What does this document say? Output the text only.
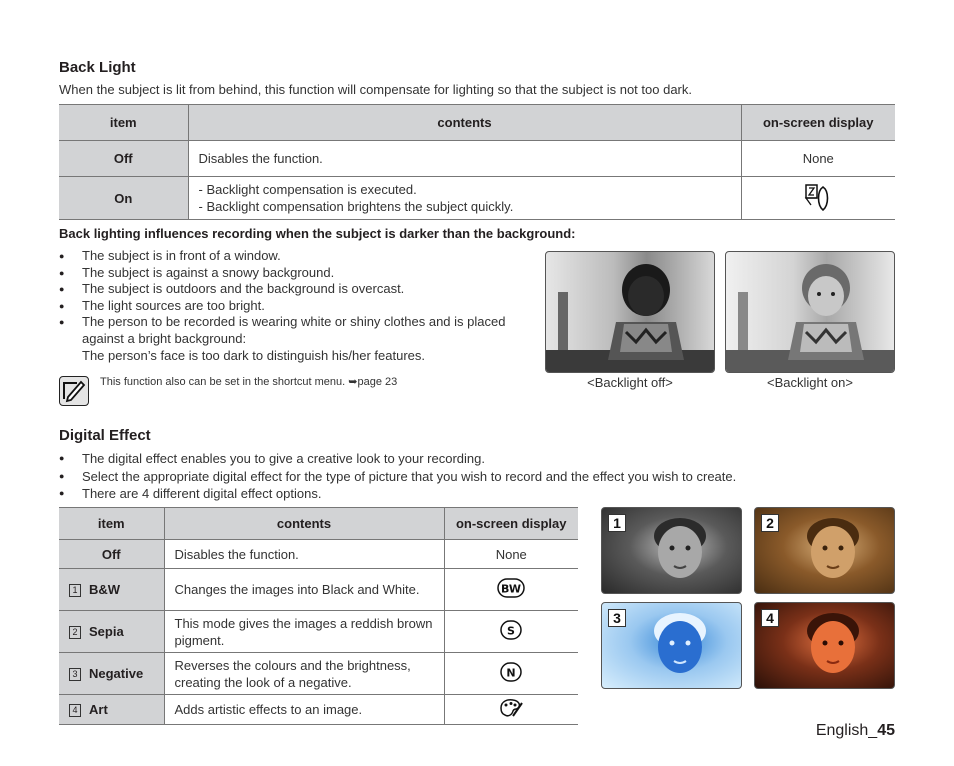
Back Light

When the subject is lit from behind, this function will compensate for lighting so that the subject is not too dark.

item	contents	on-screen display
Off	Disables the function.	None
On	- Backlight compensation is executed.
- Backlight compensation brightens the subject quickly.

Back lighting influences recording when the subject is darker than the background:

● The subject is in front of a window.
● The subject is against a snowy background.
● The subject is outdoors and the background is overcast.
● The light sources are too bright.
● The person to be recorded is wearing white or shiny clothes and is placed against a bright background:

The person’s face is too dark to distinguish his/her features.

This function also can be set in the shortcut menu. ➥page 23	<Backlight off>	<Backlight on>

Digital Effect
● The digital effect enables you to give a creative look to your recording.
● Select the appropriate digital effect for the type of picture that you wish to record and the effect you wish to create.
● There are 4 different digital effect options.
item	contents	on-screen display
Off	Disables the function.	None
1 B&W	Changes the images into Black and White.	BW

2 Sepia	This mode gives the images a reddish brown pigment.	S

3 Negative	Reverses the colours and the brightness, creating the look of a negative.	N

4 Art	Adds artistic effects to an image.	
1	2
3	4
English_45
